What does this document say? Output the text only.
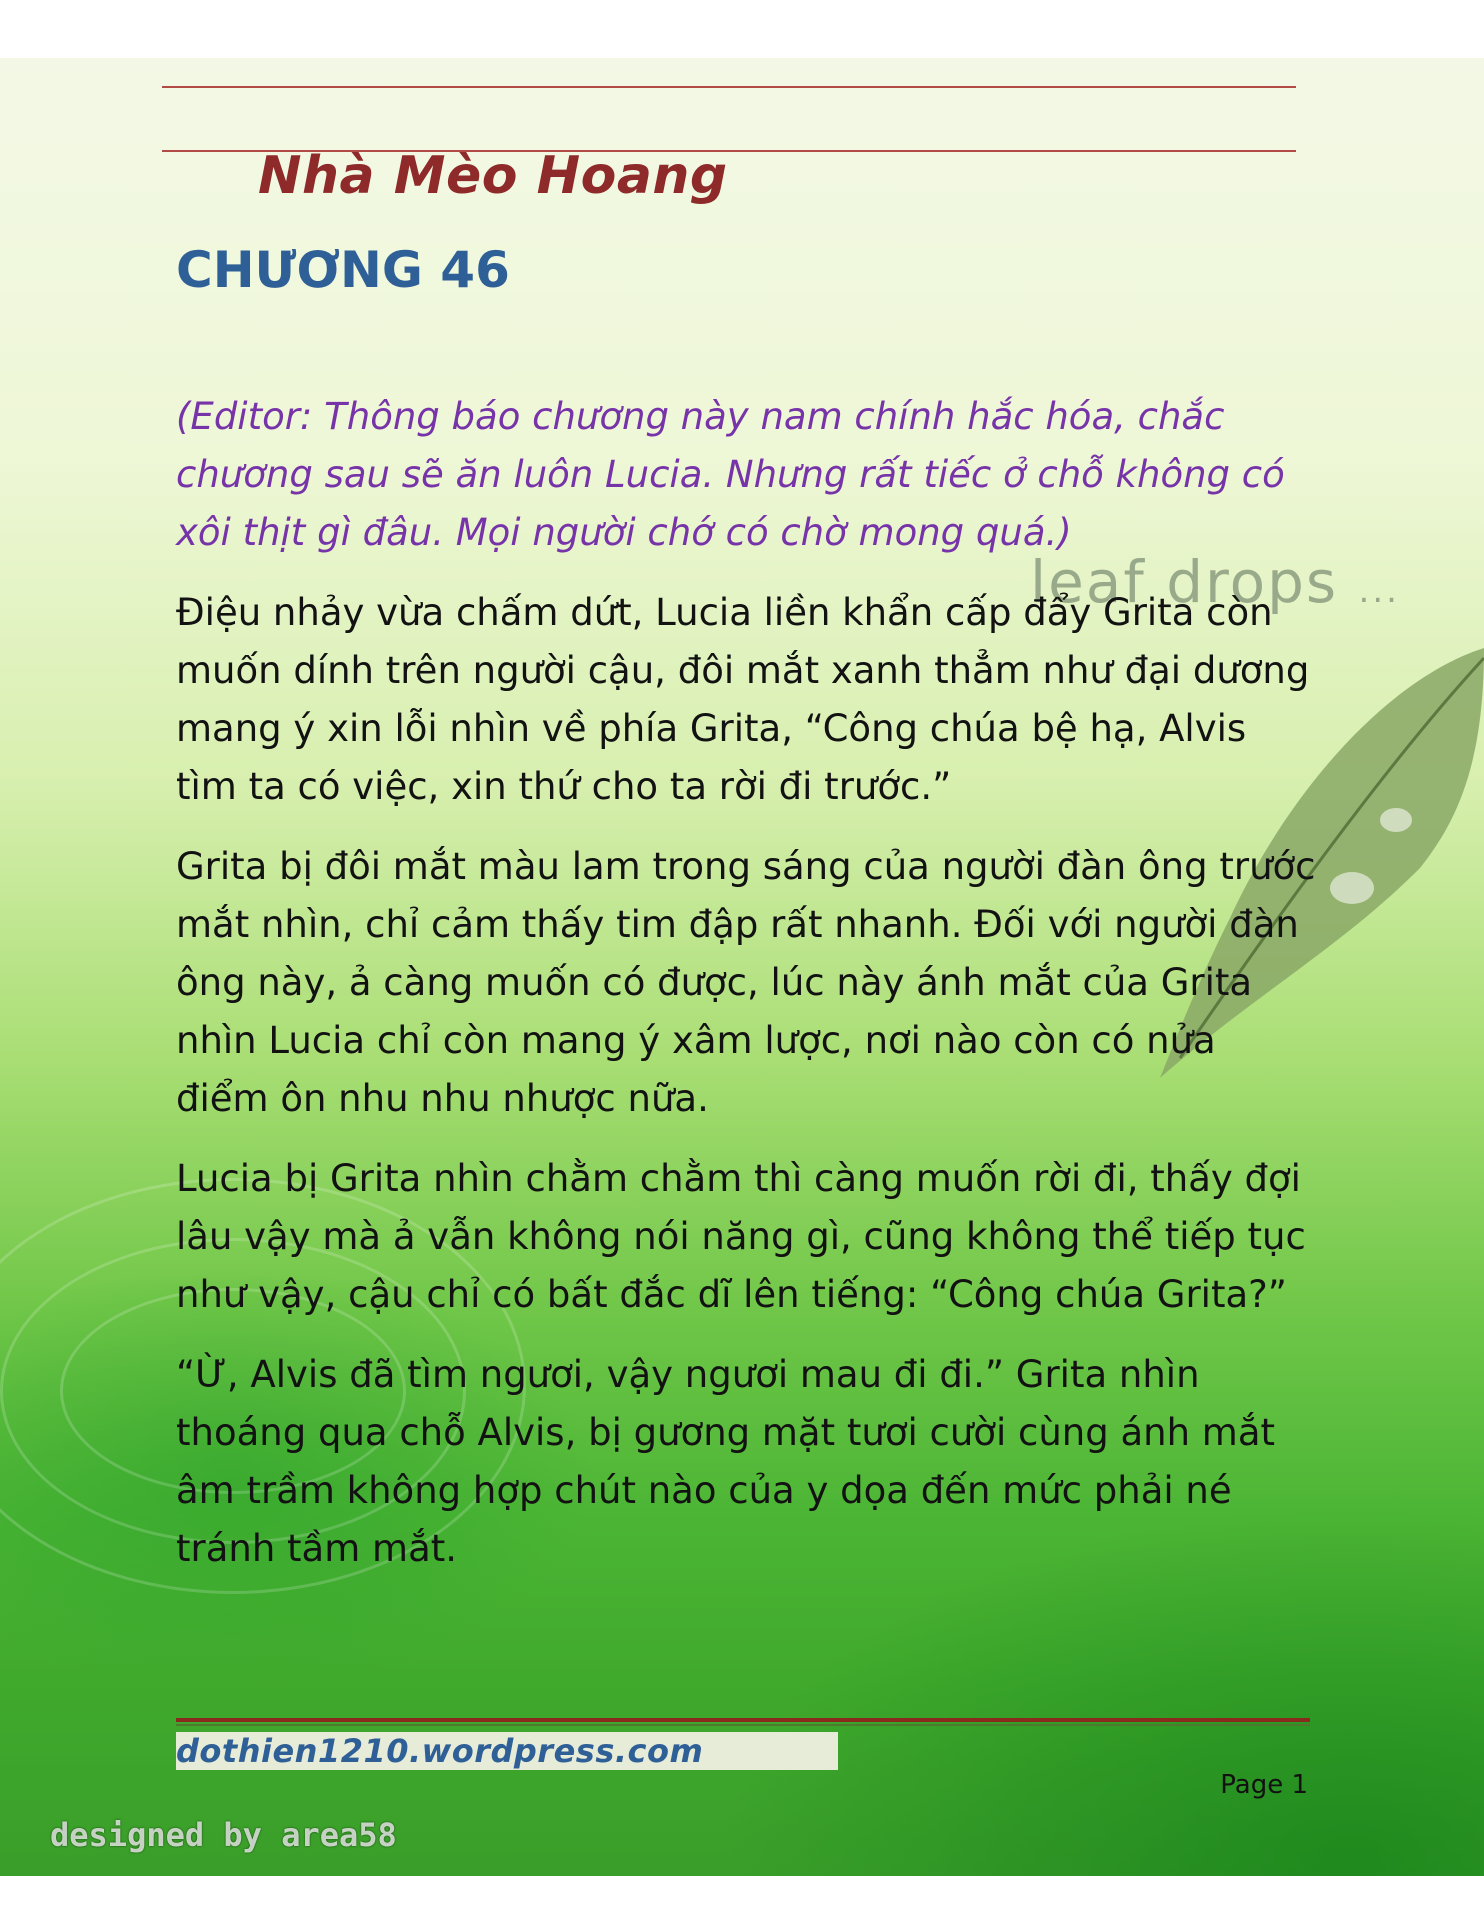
Nhà Mèo Hoang
CHƯƠNG 46
leaf drops ...

(Editor: Thông báo chương này nam chính hắc hóa, chắc chương sau sẽ ăn luôn Lucia. Nhưng rất tiếc ở chỗ không có xôi thịt gì đâu. Mọi người chớ có chờ mong quá.)

Điệu nhảy vừa chấm dứt, Lucia liền khẩn cấp đẩy Grita còn muốn dính trên người cậu, đôi mắt xanh thẳm như đại dương mang ý xin lỗi nhìn về phía Grita, “Công chúa bệ hạ, Alvis tìm ta có việc, xin thứ cho ta rời đi trước.”

Grita bị đôi mắt màu lam trong sáng của người đàn ông trước mắt nhìn, chỉ cảm thấy tim đập rất nhanh. Đối với người đàn ông này, ả càng muốn có được, lúc này ánh mắt của Grita nhìn Lucia chỉ còn mang ý xâm lược, nơi nào còn có nửa điểm ôn nhu nhu nhược nữa.

Lucia bị Grita nhìn chằm chằm thì càng muốn rời đi, thấy đợi lâu vậy mà ả vẫn không nói năng gì, cũng không thể tiếp tục như vậy, cậu chỉ có bất đắc dĩ lên tiếng: “Công chúa Grita?”

“Ừ, Alvis đã tìm ngươi, vậy ngươi mau đi đi.” Grita nhìn thoáng qua chỗ Alvis, bị gương mặt tươi cười cùng ánh mắt âm trầm không hợp chút nào của y dọa đến mức phải né tránh tầm mắt.

dothien1210.wordpress.com
Page 1
designed by area58
